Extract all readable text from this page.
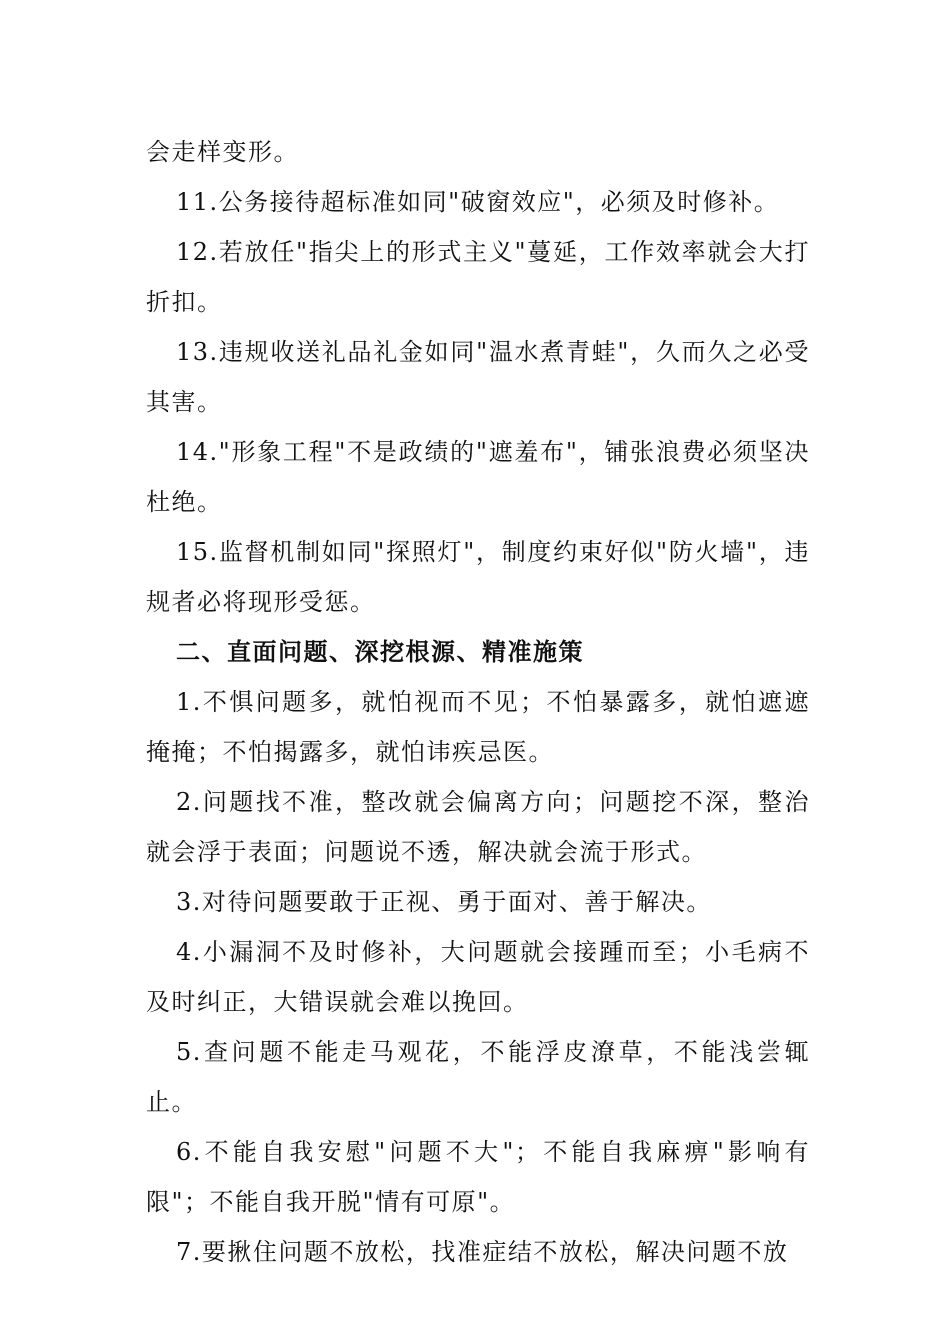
会走样变形。

11.公务接待超标准如同"破窗效应"，必须及时修补。

12.若放任"指尖上的形式主义"蔓延，工作效率就会大打折扣。

13.违规收送礼品礼金如同"温水煮青蛙"，久而久之必受其害。

14."形象工程"不是政绩的"遮羞布"，铺张浪费必须坚决杜绝。

15.监督机制如同"探照灯"，制度约束好似"防火墙"，违规者必将现形受惩。

二、直面问题、深挖根源、精准施策

1.不惧问题多，就怕视而不见；不怕暴露多，就怕遮遮掩掩；不怕揭露多，就怕讳疾忌医。

2.问题找不准，整改就会偏离方向；问题挖不深，整治就会浮于表面；问题说不透，解决就会流于形式。

3.对待问题要敢于正视、勇于面对、善于解决。

4.小漏洞不及时修补，大问题就会接踵而至；小毛病不及时纠正，大错误就会难以挽回。

5.查问题不能走马观花，不能浮皮潦草，不能浅尝辄止。

6.不能自我安慰"问题不大"；不能自我麻痹"影响有限"；不能自我开脱"情有可原"。

7.要揪住问题不放松，找准症结不放松，解决问题不放
